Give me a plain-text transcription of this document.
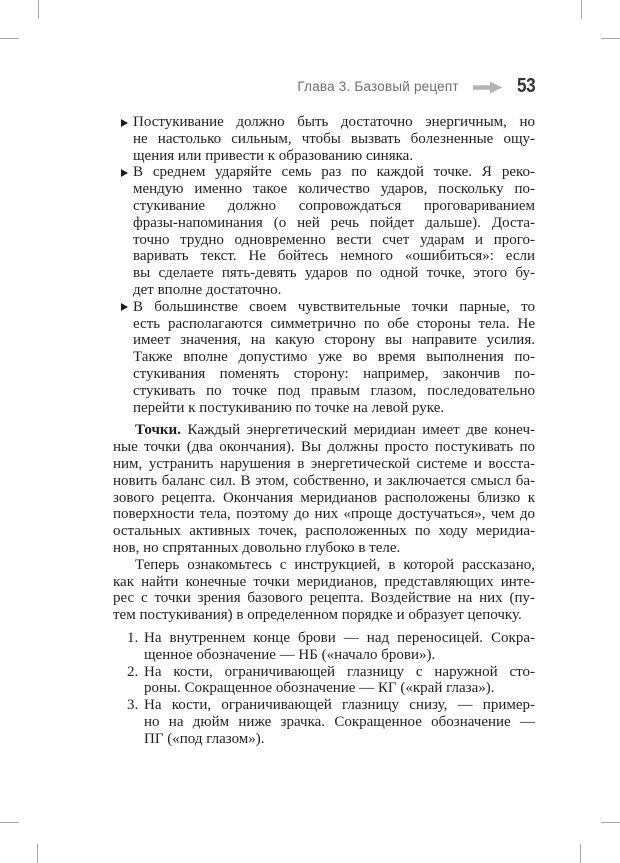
Глава 3. Базовый рецепт	53
Постукивание должно быть достаточно энергичным, но
не настолько сильным, чтобы вызвать болезненные ощу-
щения или привести к образованию синяка.
В среднем ударяйте семь раз по каждой точке. Я реко-
мендую именно такое количество ударов, поскольку по-
стукивание должно сопровождаться проговариванием
фразы-напоминания (о ней речь пойдет дальше). Доста-
точно трудно одновременно вести счет ударам и прого-
варивать текст. Не бойтесь немного «ошибиться»: если
вы сделаете пять-девять ударов по одной точке, этого бу-
дет вполне достаточно.
В большинстве своем чувствительные точки парные, то
есть располагаются симметрично по обе стороны тела. Не
имеет значения, на какую сторону вы направите усилия.
Также вполне допустимо уже во время выполнения по-
стукивания поменять сторону: например, закончив по-
стукивать по точке под правым глазом, последовательно
перейти к постукиванию по точке на левой руке.
Точки. Каждый энергетический меридиан имеет две конеч-
ные точки (два окончания). Вы должны просто постукивать по
ним, устранить нарушения в энергетической системе и восста-
новить баланс сил. В этом, собственно, и заключается смысл ба-
зового рецепта. Окончания меридианов расположены близко к
поверхности тела, поэтому до них «проще достучаться», чем до
остальных активных точек, расположенных по ходу меридиа-
нов, но спрятанных довольно глубоко в теле.
Теперь ознакомьтесь с инструкцией, в которой рассказано,
как найти конечные точки меридианов, представляющих инте-
рес с точки зрения базового рецепта. Воздействие на них (пу-
тем постукивания) в определенном порядке и образует цепочку.
1. На внутреннем конце брови — над переносицей. Сокра-
щенное обозначение — НБ («начало брови»).
2. На кости, ограничивающей глазницу с наружной сто-
роны. Сокращенное обозначение — КГ («край глаза»).
3. На кости, ограничивающей глазницу снизу, — пример-
но на дюйм ниже зрачка. Сокращенное обозначение —
ПГ («под глазом»).
